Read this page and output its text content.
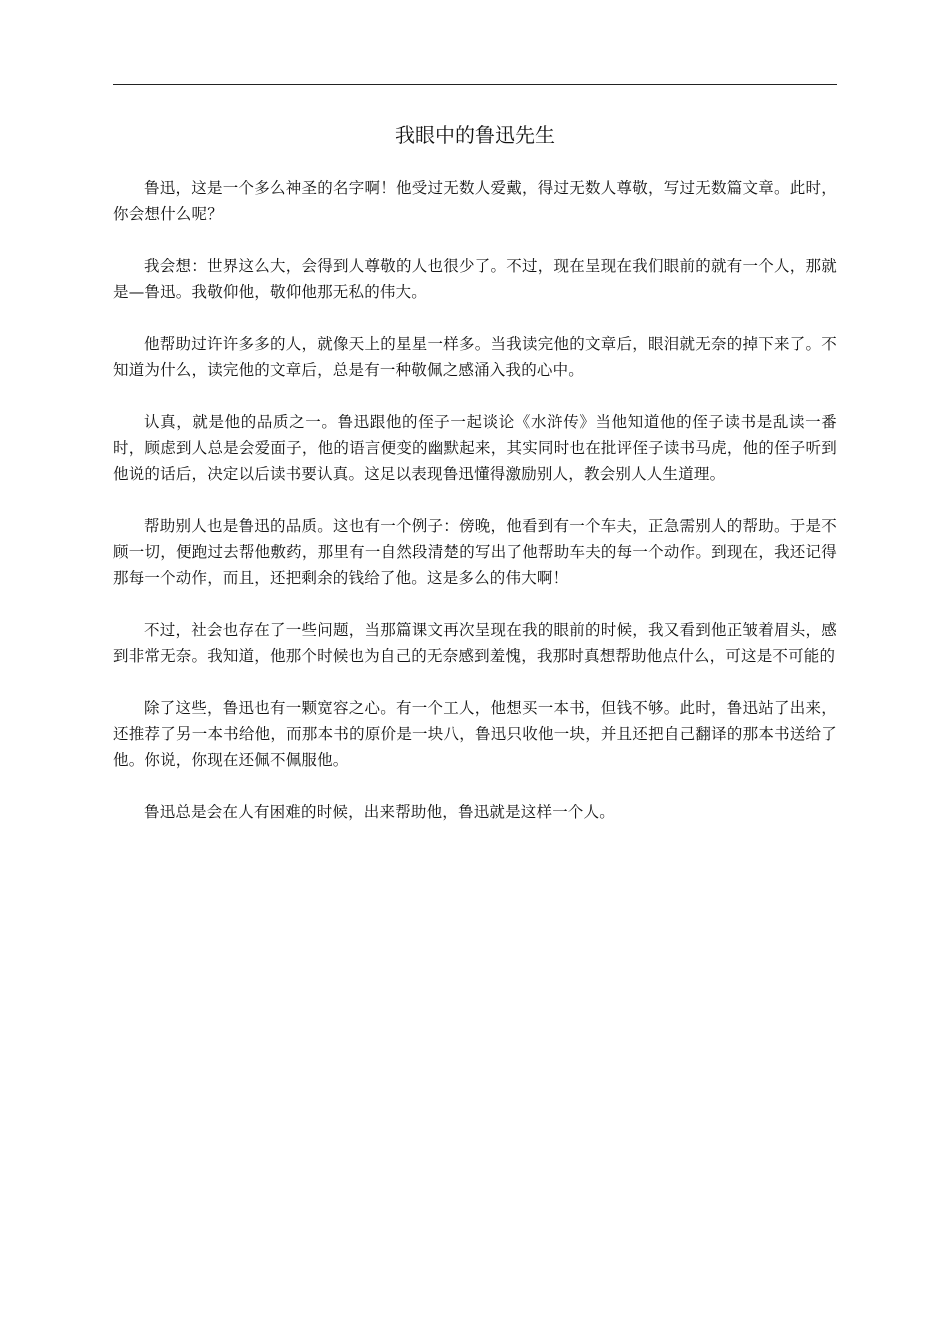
我眼中的鲁迅先生

鲁迅，这是一个多么神圣的名字啊！他受过无数人爱戴，得过无数人尊敬，写过无数篇文章。此时，你会想什么呢？

我会想：世界这么大，会得到人尊敬的人也很少了。不过，现在呈现在我们眼前的就有一个人，那就是—鲁迅。我敬仰他，敬仰他那无私的伟大。

他帮助过许许多多的人，就像天上的星星一样多。当我读完他的文章后，眼泪就无奈的掉下来了。不知道为什么，读完他的文章后，总是有一种敬佩之感涌入我的心中。

认真，就是他的品质之一。鲁迅跟他的侄子一起谈论《水浒传》当他知道他的侄子读书是乱读一番时，顾虑到人总是会爱面子，他的语言便变的幽默起来，其实同时也在批评侄子读书马虎，他的侄子听到他说的话后，决定以后读书要认真。这足以表现鲁迅懂得激励别人，教会别人人生道理。

帮助别人也是鲁迅的品质。这也有一个例子：傍晚，他看到有一个车夫，正急需别人的帮助。于是不顾一切，便跑过去帮他敷药，那里有一自然段清楚的写出了他帮助车夫的每一个动作。到现在，我还记得那每一个动作，而且，还把剩余的钱给了他。这是多么的伟大啊！

不过，社会也存在了一些问题，当那篇课文再次呈现在我的眼前的时候，我又看到他正皱着眉头，感到非常无奈。我知道，他那个时候也为自己的无奈感到羞愧，我那时真想帮助他点什么，可这是不可能的

除了这些，鲁迅也有一颗宽容之心。有一个工人，他想买一本书，但钱不够。此时，鲁迅站了出来，还推荐了另一本书给他，而那本书的原价是一块八，鲁迅只收他一块，并且还把自己翻译的那本书送给了他。你说，你现在还佩不佩服他。

鲁迅总是会在人有困难的时候，出来帮助他，鲁迅就是这样一个人。
